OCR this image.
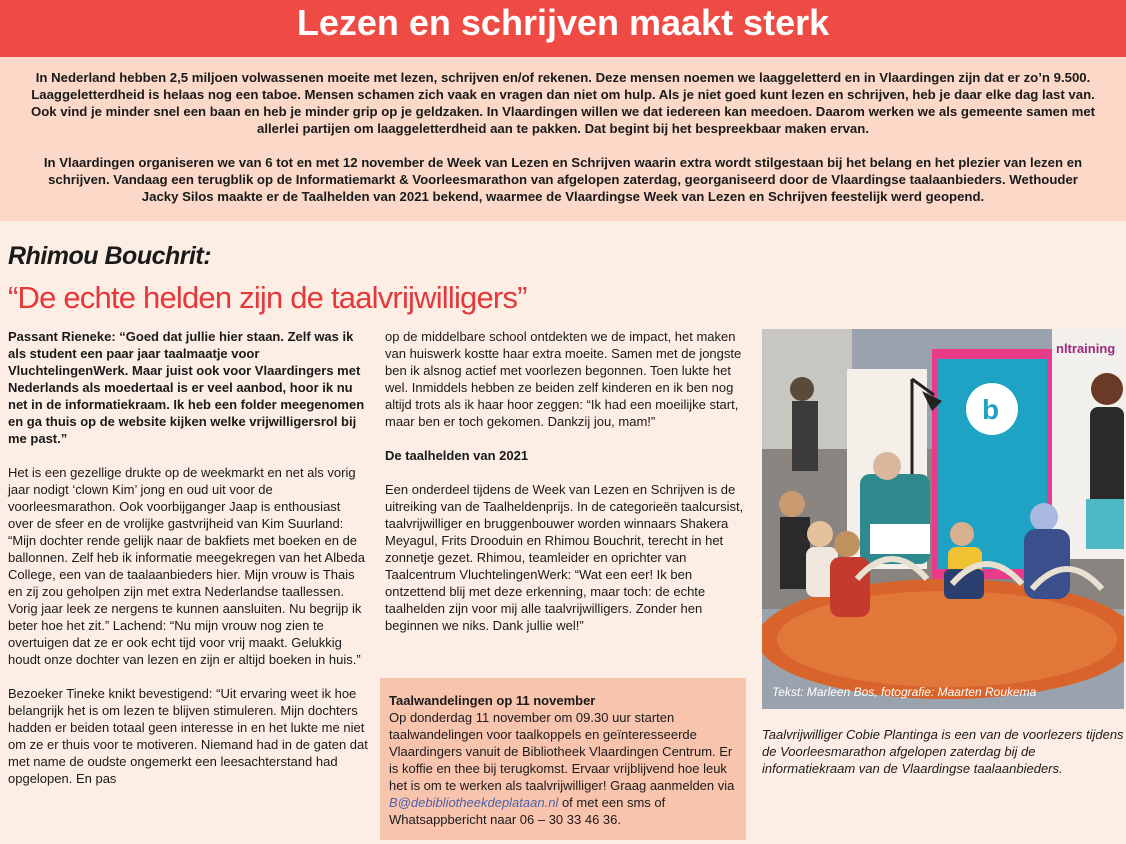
Lezen en schrijven maakt sterk

In Nederland hebben 2,5 miljoen volwassenen moeite met lezen, schrijven en/of rekenen. Deze mensen noemen we laaggeletterd en in Vlaardingen zijn dat er zo’n 9.500. Laaggeletterdheid is helaas nog een taboe. Mensen schamen zich vaak en vragen dan niet om hulp. Als je niet goed kunt lezen en schrijven, heb je daar elke dag last van. Ook vind je minder snel een baan en heb je minder grip op je geldzaken. In Vlaardingen willen we dat iedereen kan meedoen. Daarom werken we als gemeente samen met allerlei partijen om laaggeletterdheid aan te pakken. Dat begint bij het bespreekbaar maken ervan.

In Vlaardingen organiseren we van 6 tot en met 12 november de Week van Lezen en Schrijven waarin extra wordt stilgestaan bij het belang en het plezier van lezen en schrijven. Vandaag een terugblik op de Informatiemarkt & Voorleesmarathon van afgelopen zaterdag, georganiseerd door de Vlaardingse taalaanbieders. Wethouder Jacky Silos maakte er de Taalhelden van 2021 bekend, waarmee de Vlaardingse Week van Lezen en Schrijven feestelijk werd geopend.

Rhimou Bouchrit:
“De echte helden zijn de taalvrijwilligers”

Passant Rieneke: “Goed dat jullie hier staan. Zelf was ik als student een paar jaar taalmaatje voor VluchtelingenWerk. Maar juist ook voor Vlaardingers met Nederlands als moedertaal is er veel aanbod, hoor ik nu net in de informatiekraam. Ik heb een folder meegenomen en ga thuis op de website kijken welke vrijwilligersrol bij me past.”

Het is een gezellige drukte op de weekmarkt en net als vorig jaar nodigt ‘clown Kim’ jong en oud uit voor de voorleesmarathon. Ook voorbijganger Jaap is enthousiast over de sfeer en de vrolijke gastvrijheid van Kim Suurland: “Mijn dochter rende gelijk naar de bakfiets met boeken en de ballonnen. Zelf heb ik informatie meegekregen van het Albeda College, een van de taalaanbieders hier. Mijn vrouw is Thais en zij zou geholpen zijn met extra Nederlandse taallessen. Vorig jaar leek ze nergens te kunnen aansluiten. Nu begrijp ik beter hoe het zit.” Lachend: “Nu mijn vrouw nog zien te overtuigen dat ze er ook echt tijd voor vrij maakt. Gelukkig houdt onze dochter van lezen en zijn er altijd boeken in huis.”

Bezoeker Tineke knikt bevestigend: “Uit ervaring weet ik hoe belangrijk het is om lezen te blijven stimuleren. Mijn dochters hadden er beiden totaal geen interesse in en het lukte me niet om ze er thuis voor te motiveren. Niemand had in de gaten dat met name de oudste ongemerkt een leesachterstand had opgelopen. En pas

op de middelbare school ontdekten we de impact, het maken van huiswerk kostte haar extra moeite. Samen met de jongste ben ik alsnog actief met voorlezen begonnen. Toen lukte het wel. Inmiddels hebben ze beiden zelf kinderen en ik ben nog altijd trots als ik haar hoor zeggen: “Ik had een moeilijke start, maar ben er toch gekomen. Dankzij jou, mam!”

De taalhelden van 2021

Een onderdeel tijdens de Week van Lezen en Schrijven is de uitreiking van de Taalheldenprijs. In de categorieën taalcursist, taalvrijwilliger en bruggenbouwer worden winnaars Shakera Meyagul, Frits Drooduin en Rhimou Bouchrit, terecht in het zonnetje gezet. Rhimou, teamleider en oprichter van Taalcentrum VluchtelingenWerk: “Wat een eer! Ik ben ontzettend blij met deze erkenning, maar toch: de echte taalhelden zijn voor mij alle taalvrijwilligers. Zonder hen beginnen we niks. Dank jullie wel!”

Taalwandelingen op 11 november
Op donderdag 11 november om 09.30 uur starten taalwandelingen voor taalkoppels en geïnteresseerde Vlaardingers vanuit de Bibliotheek Vlaardingen Centrum. Er is koffie en thee bij terugkomst. Ervaar vrijblijvend hoe leuk het is om te werken als taalvrijwilliger! Graag aanmelden via B@debibliotheekdeplataan.nl of met een sms of Whatsappbericht naar 06 – 30 33 46 36.
b
nltraining
Tekst: Marleen Bos, fotografie: Maarten Roukema
Taalvrijwilliger Cobie Plantinga is een van de voorlezers tijdens de Voorleesmarathon afgelopen zaterdag bij de informatiekraam van de Vlaardingse taalaanbieders.
